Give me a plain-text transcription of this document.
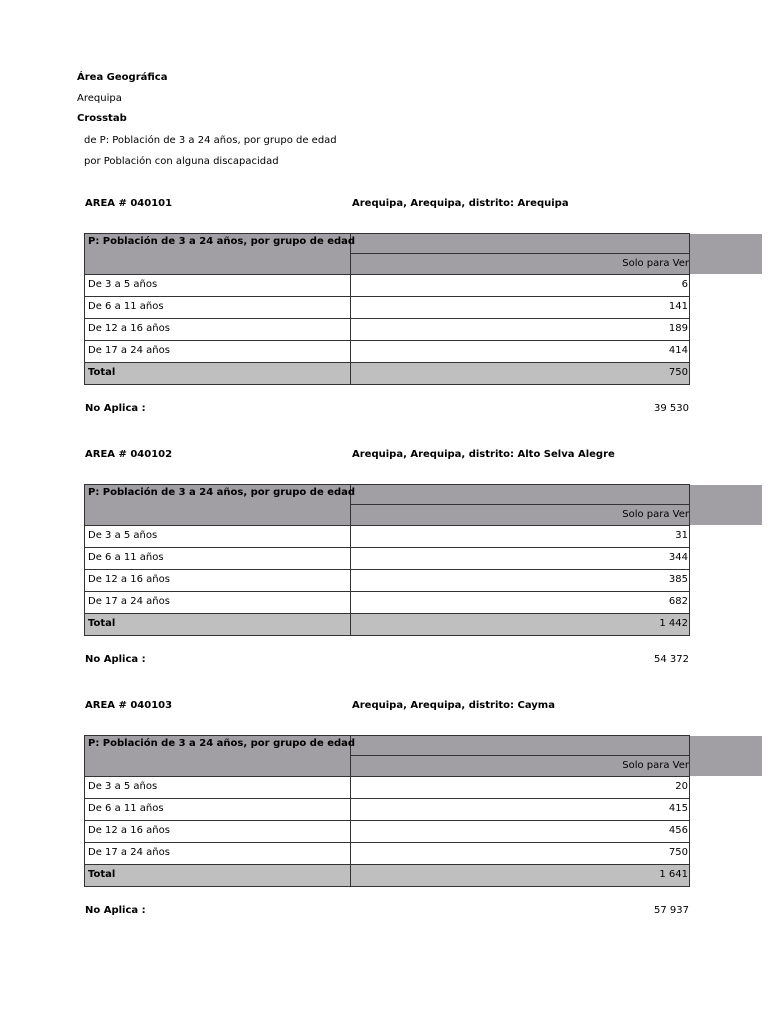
Área Geográfica
Arequipa
Crosstab
de P: Población de 3 a 24 años, por grupo de edad
por Población con alguna discapacidad
AREA # 040101	Arequipa, Arequipa, distrito: Arequipa
P: Población de 3 a 24 años, por grupo de edad
Solo para Ver
De 3 a 5 años	6
De 6 a 11 años	141
De 12 a 16 años	189
De 17 a 24 años	414
Total	750
No Aplica :	39 530
AREA # 040102	Arequipa, Arequipa, distrito: Alto Selva Alegre
P: Población de 3 a 24 años, por grupo de edad
Solo para Ver
De 3 a 5 años	31
De 6 a 11 años	344
De 12 a 16 años	385
De 17 a 24 años	682
Total	1 442
No Aplica :	54 372
AREA # 040103	Arequipa, Arequipa, distrito: Cayma
P: Población de 3 a 24 años, por grupo de edad
Solo para Ver
De 3 a 5 años	20
De 6 a 11 años	415
De 12 a 16 años	456
De 17 a 24 años	750
Total	1 641
No Aplica :	57 937
